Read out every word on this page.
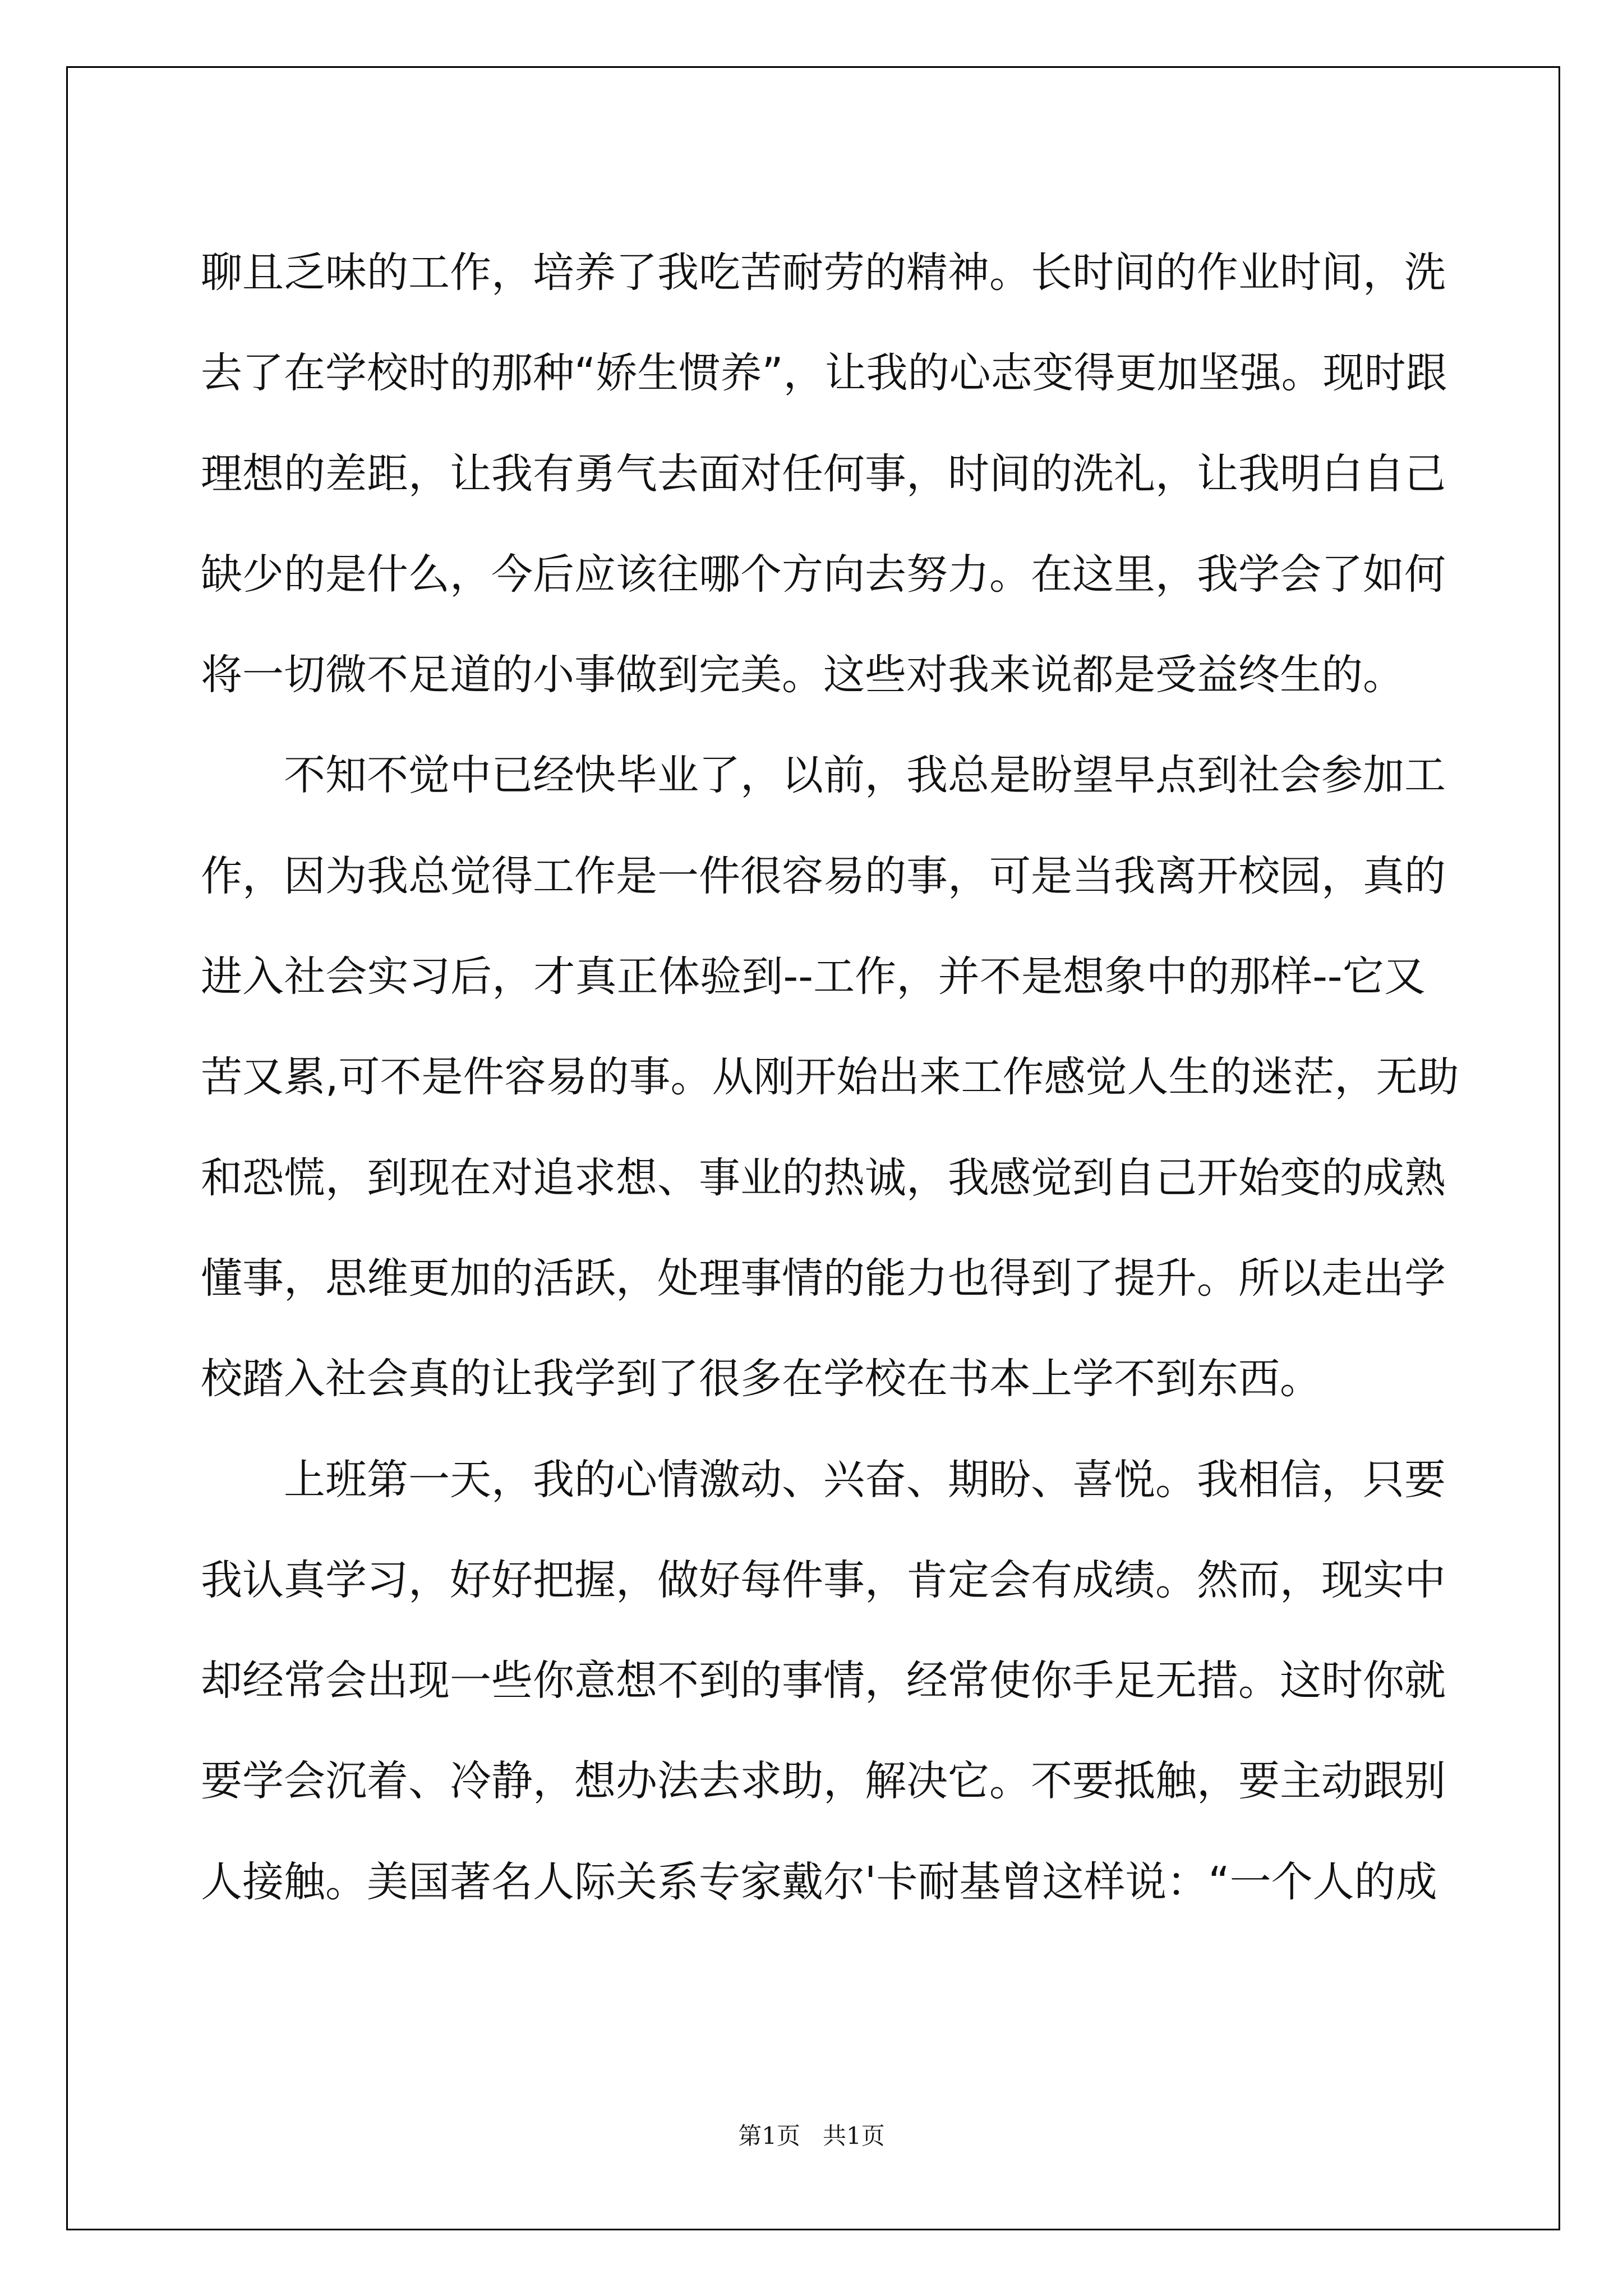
聊且乏味的工作，培养了我吃苦耐劳的精神。长时间的作业时间，洗
去了在学校时的那种“娇生惯养”，让我的心志变得更加坚强。现时跟
理想的差距，让我有勇气去面对任何事，时间的洗礼，让我明白自己
缺少的是什么，今后应该往哪个方向去努力。在这里，我学会了如何
将一切微不足道的小事做到完美。这些对我来说都是受益终生的。
不知不觉中已经快毕业了，以前，我总是盼望早点到社会参加工
作，因为我总觉得工作是一件很容易的事，可是当我离开校园，真的
进入社会实习后，才真正体验到--工作，并不是想象中的那样--它又
苦又累,可不是件容易的事。从刚开始出来工作感觉人生的迷茫，无助
和恐慌，到现在对追求想、事业的热诚，我感觉到自己开始变的成熟
懂事，思维更加的活跃，处理事情的能力也得到了提升。所以走出学
校踏入社会真的让我学到了很多在学校在书本上学不到东西。
上班第一天，我的心情激动、兴奋、期盼、喜悦。我相信，只要
我认真学习，好好把握，做好每件事，肯定会有成绩。然而，现实中
却经常会出现一些你意想不到的事情，经常使你手足无措。这时你就
要学会沉着、冷静，想办法去求助，解决它。不要抵触，要主动跟别
人接触。美国著名人际关系专家戴尔'卡耐基曾这样说：“一个人的成
第1页   共1页
